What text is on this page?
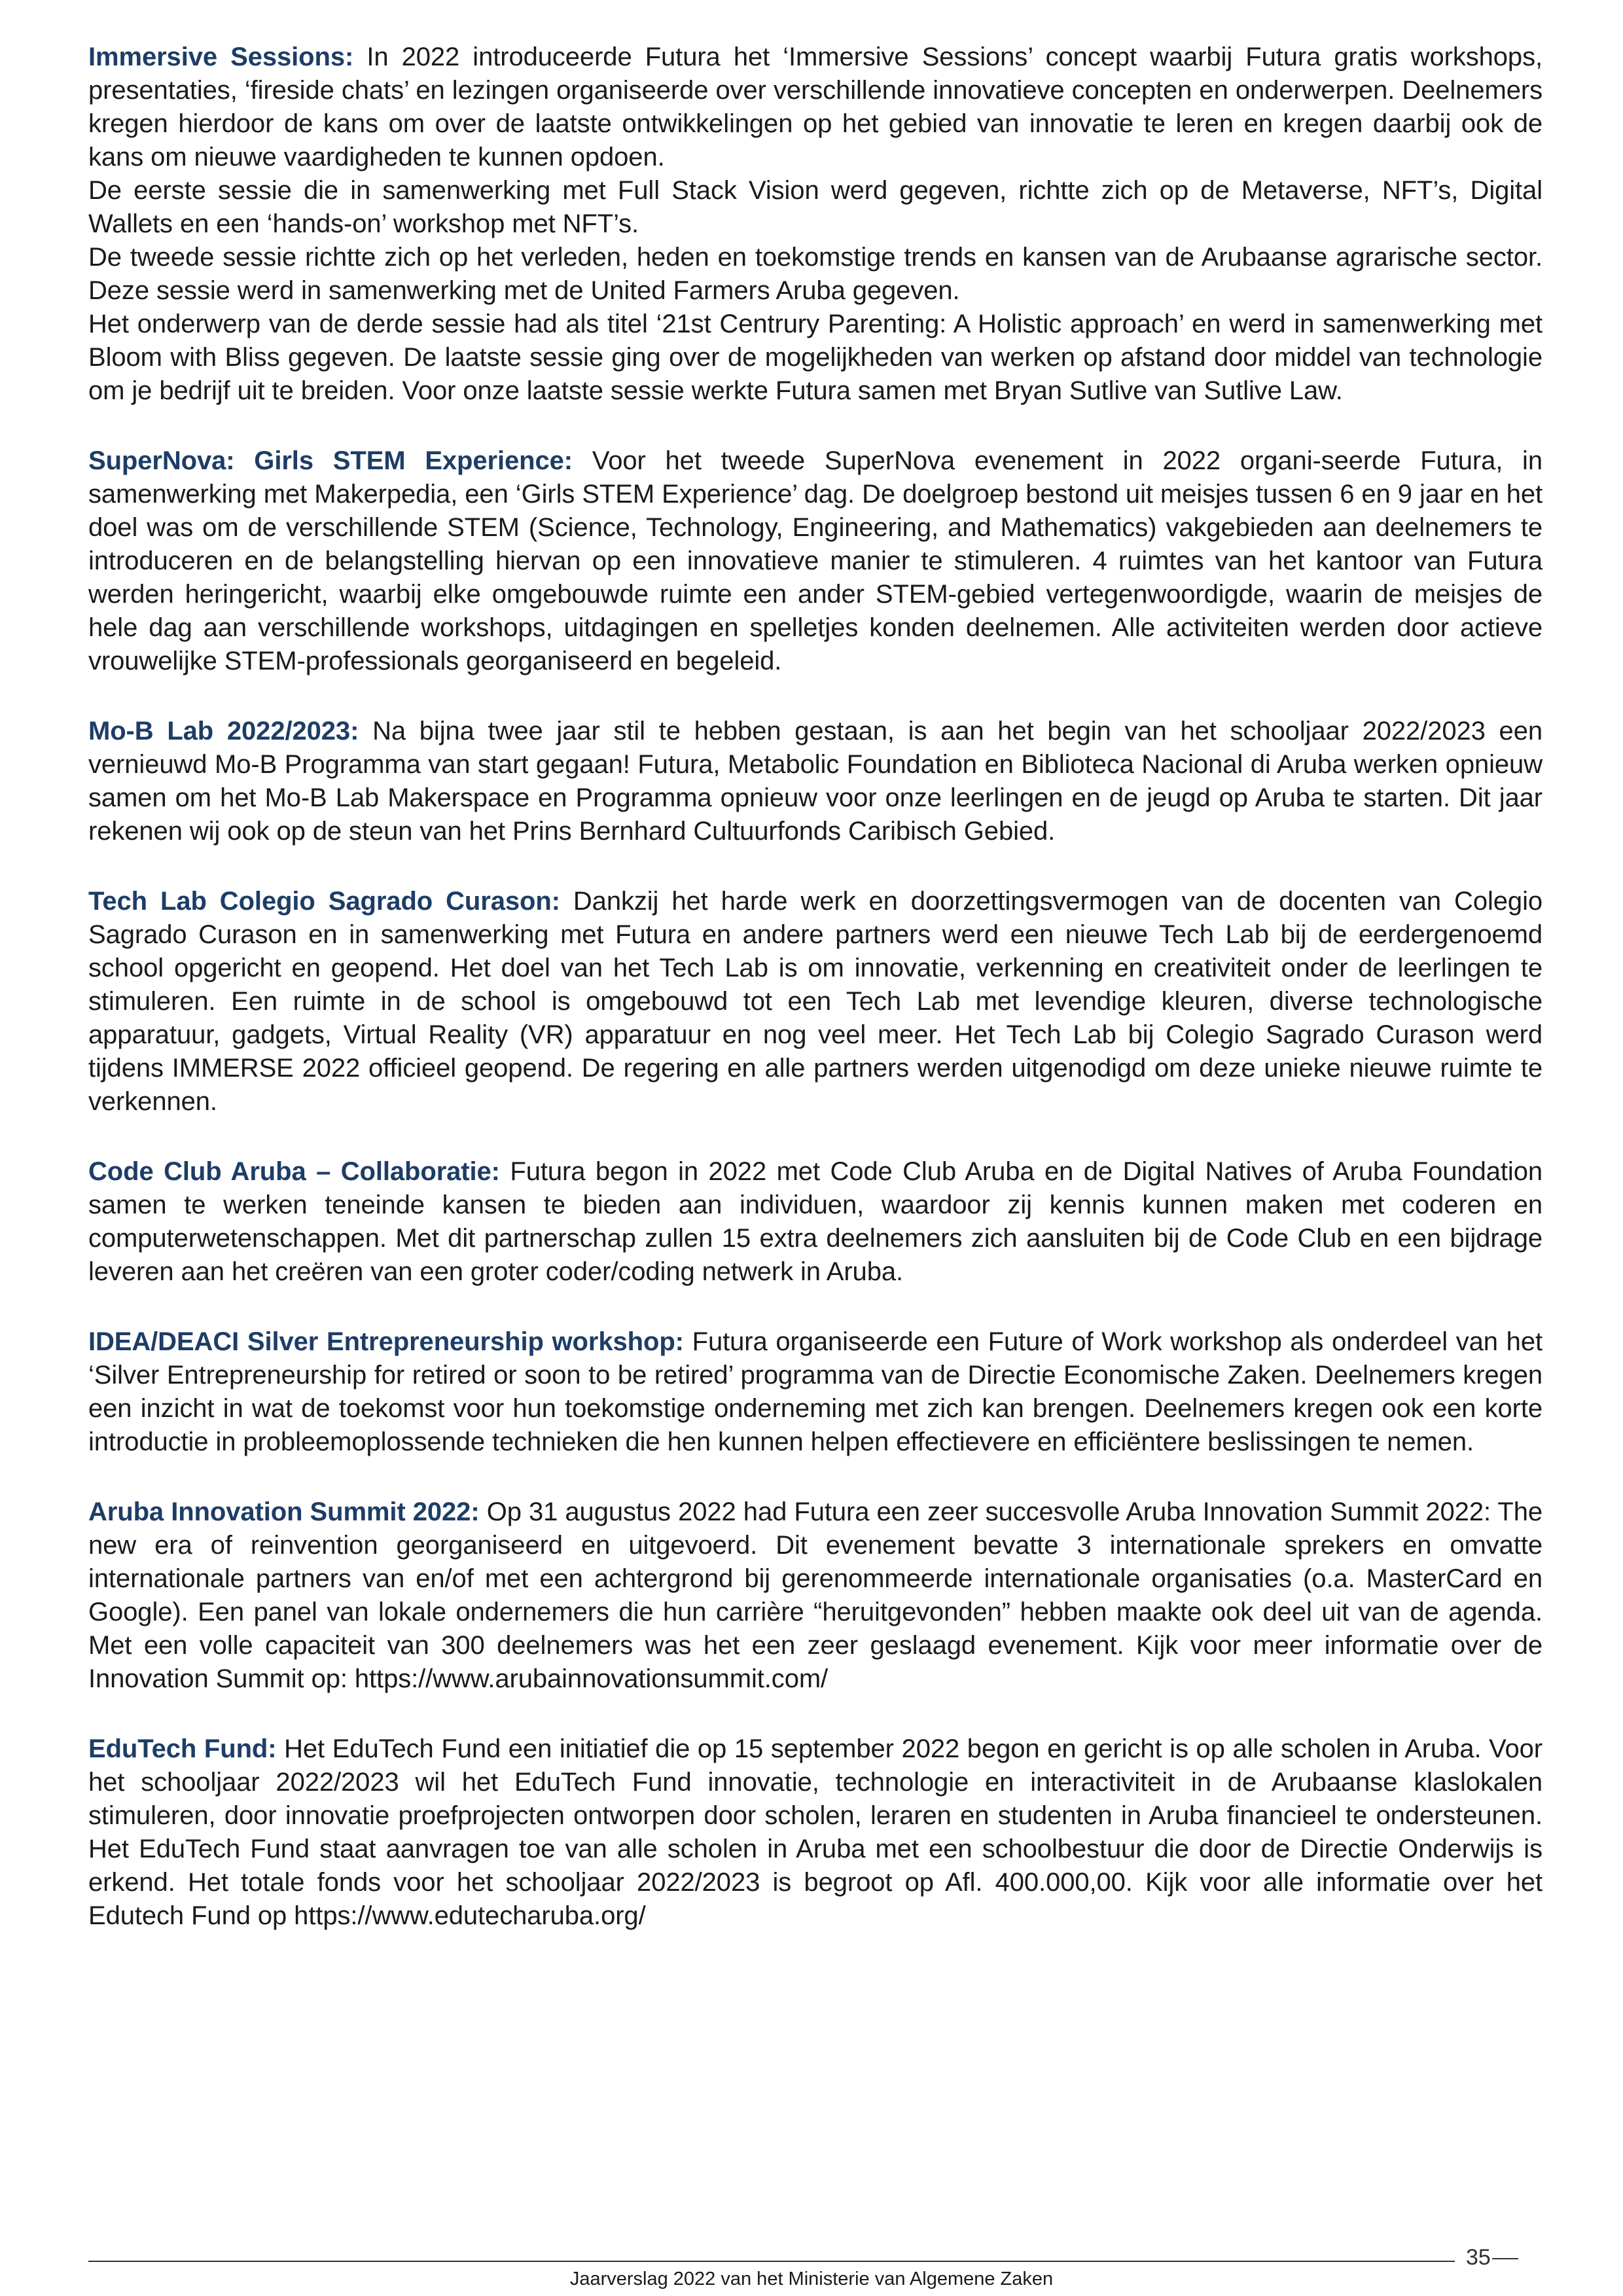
Immersive Sessions: In 2022 introduceerde Futura het ‘Immersive Sessions’ concept waarbij Futura gratis workshops, presentaties, ‘fireside chats’ en lezingen organiseerde over verschillende innovatieve concepten en onderwerpen. Deelnemers kregen hierdoor de kans om over de laatste ontwikkelingen op het gebied van innovatie te leren en kregen daarbij ook de kans om nieuwe vaardigheden te kunnen opdoen.

De eerste sessie die in samenwerking met Full Stack Vision werd gegeven, richtte zich op de Metaverse, NFT’s, Digital Wallets en een ‘hands-on’ workshop met NFT’s.

De tweede sessie richtte zich op het verleden, heden en toekomstige trends en kansen van de Arubaanse agrarische sector. Deze sessie werd in samenwerking met de United Farmers Aruba gegeven.

Het onderwerp van de derde sessie had als titel ‘21st Centrury Parenting: A Holistic approach’ en werd in samenwerking met Bloom with Bliss gegeven. De laatste sessie ging over de mogelijkheden van werken op afstand door middel van technologie om je bedrijf uit te breiden. Voor onze laatste sessie werkte Futura samen met Bryan Sutlive van Sutlive Law.

SuperNova: Girls STEM Experience: Voor het tweede SuperNova evenement in 2022 organi-seerde Futura, in samenwerking met Makerpedia, een ‘Girls STEM Experience’ dag. De doelgroep bestond uit meisjes tussen 6 en 9 jaar en het doel was om de verschillende STEM (Science, Technology, Engineering, and Mathematics) vakgebieden aan deelnemers te introduceren en de belangstelling hiervan op een innovatieve manier te stimuleren. 4 ruimtes van het kantoor van Futura werden heringericht, waarbij elke omgebouwde ruimte een ander STEM-gebied vertegenwoordigde, waarin de meisjes de hele dag aan verschillende workshops, uitdagingen en spelletjes konden deelnemen. Alle activiteiten werden door actieve vrouwelijke STEM-professionals georganiseerd en begeleid.

Mo-B Lab 2022/2023: Na bijna twee jaar stil te hebben gestaan, is aan het begin van het schooljaar 2022/2023 een vernieuwd Mo-B Programma van start gegaan! Futura, Metabolic Foundation en Biblioteca Nacional di Aruba werken opnieuw samen om het Mo-B Lab Makerspace en Programma opnieuw voor onze leerlingen en de jeugd op Aruba te starten. Dit jaar rekenen wij ook op de steun van het Prins Bernhard Cultuurfonds Caribisch Gebied.

Tech Lab Colegio Sagrado Curason: Dankzij het harde werk en doorzettingsvermogen van de docenten van Colegio Sagrado Curason en in samenwerking met Futura en andere partners werd een nieuwe Tech Lab bij de eerdergenoemd school opgericht en geopend. Het doel van het Tech Lab is om innovatie, verkenning en creativiteit onder de leerlingen te stimuleren. Een ruimte in de school is omgebouwd tot een Tech Lab met levendige kleuren, diverse technologische apparatuur, gadgets, Virtual Reality (VR) apparatuur en nog veel meer. Het Tech Lab bij Colegio Sagrado Curason werd tijdens IMMERSE 2022 officieel geopend. De regering en alle partners werden uitgenodigd om deze unieke nieuwe ruimte te verkennen.

Code Club Aruba – Collaboratie: Futura begon in 2022 met Code Club Aruba en de Digital Natives of Aruba Foundation samen te werken teneinde kansen te bieden aan individuen, waardoor zij kennis kunnen maken met coderen en computerwetenschappen. Met dit partnerschap zullen 15 extra deelnemers zich aansluiten bij de Code Club en een bijdrage leveren aan het creëren van een groter coder/coding netwerk in Aruba.

IDEA/DEACI Silver Entrepreneurship workshop: Futura organiseerde een Future of Work workshop als onderdeel van het ‘Silver Entrepreneurship for retired or soon to be retired’ programma van de Directie Economische Zaken. Deelnemers kregen een inzicht in wat de toekomst voor hun toekomstige onderneming met zich kan brengen. Deelnemers kregen ook een korte introductie in probleemoplossende technieken die hen kunnen helpen effectievere en efficiëntere beslissingen te nemen.

Aruba Innovation Summit 2022: Op 31 augustus 2022 had Futura een zeer succesvolle Aruba Innovation Summit 2022: The new era of reinvention georganiseerd en uitgevoerd. Dit evenement bevatte 3 internationale sprekers en omvatte internationale partners van en/of met een achtergrond bij gerenommeerde internationale organisaties (o.a. MasterCard en Google). Een panel van lokale ondernemers die hun carrière “heruitgevonden” hebben maakte ook deel uit van de agenda. Met een volle capaciteit van 300 deelnemers was het een zeer geslaagd evenement. Kijk voor meer informatie over de Innovation Summit op: https://www.arubainnovationsummit.com/

EduTech Fund: Het EduTech Fund een initiatief die op 15 september 2022 begon en gericht is op alle scholen in Aruba. Voor het schooljaar 2022/2023 wil het EduTech Fund innovatie, technologie en interactiviteit in de Arubaanse klaslokalen stimuleren, door innovatie proefprojecten ontworpen door scholen, leraren en studenten in Aruba financieel te ondersteunen. Het EduTech Fund staat aanvragen toe van alle scholen in Aruba met een schoolbestuur die door de Directie Onderwijs is erkend. Het totale fonds voor het schooljaar 2022/2023 is begroot op Afl. 400.000,00. Kijk voor alle informatie over het Edutech Fund op https://www.edutecharuba.org/

35
Jaarverslag 2022 van het Ministerie van Algemene Zaken
